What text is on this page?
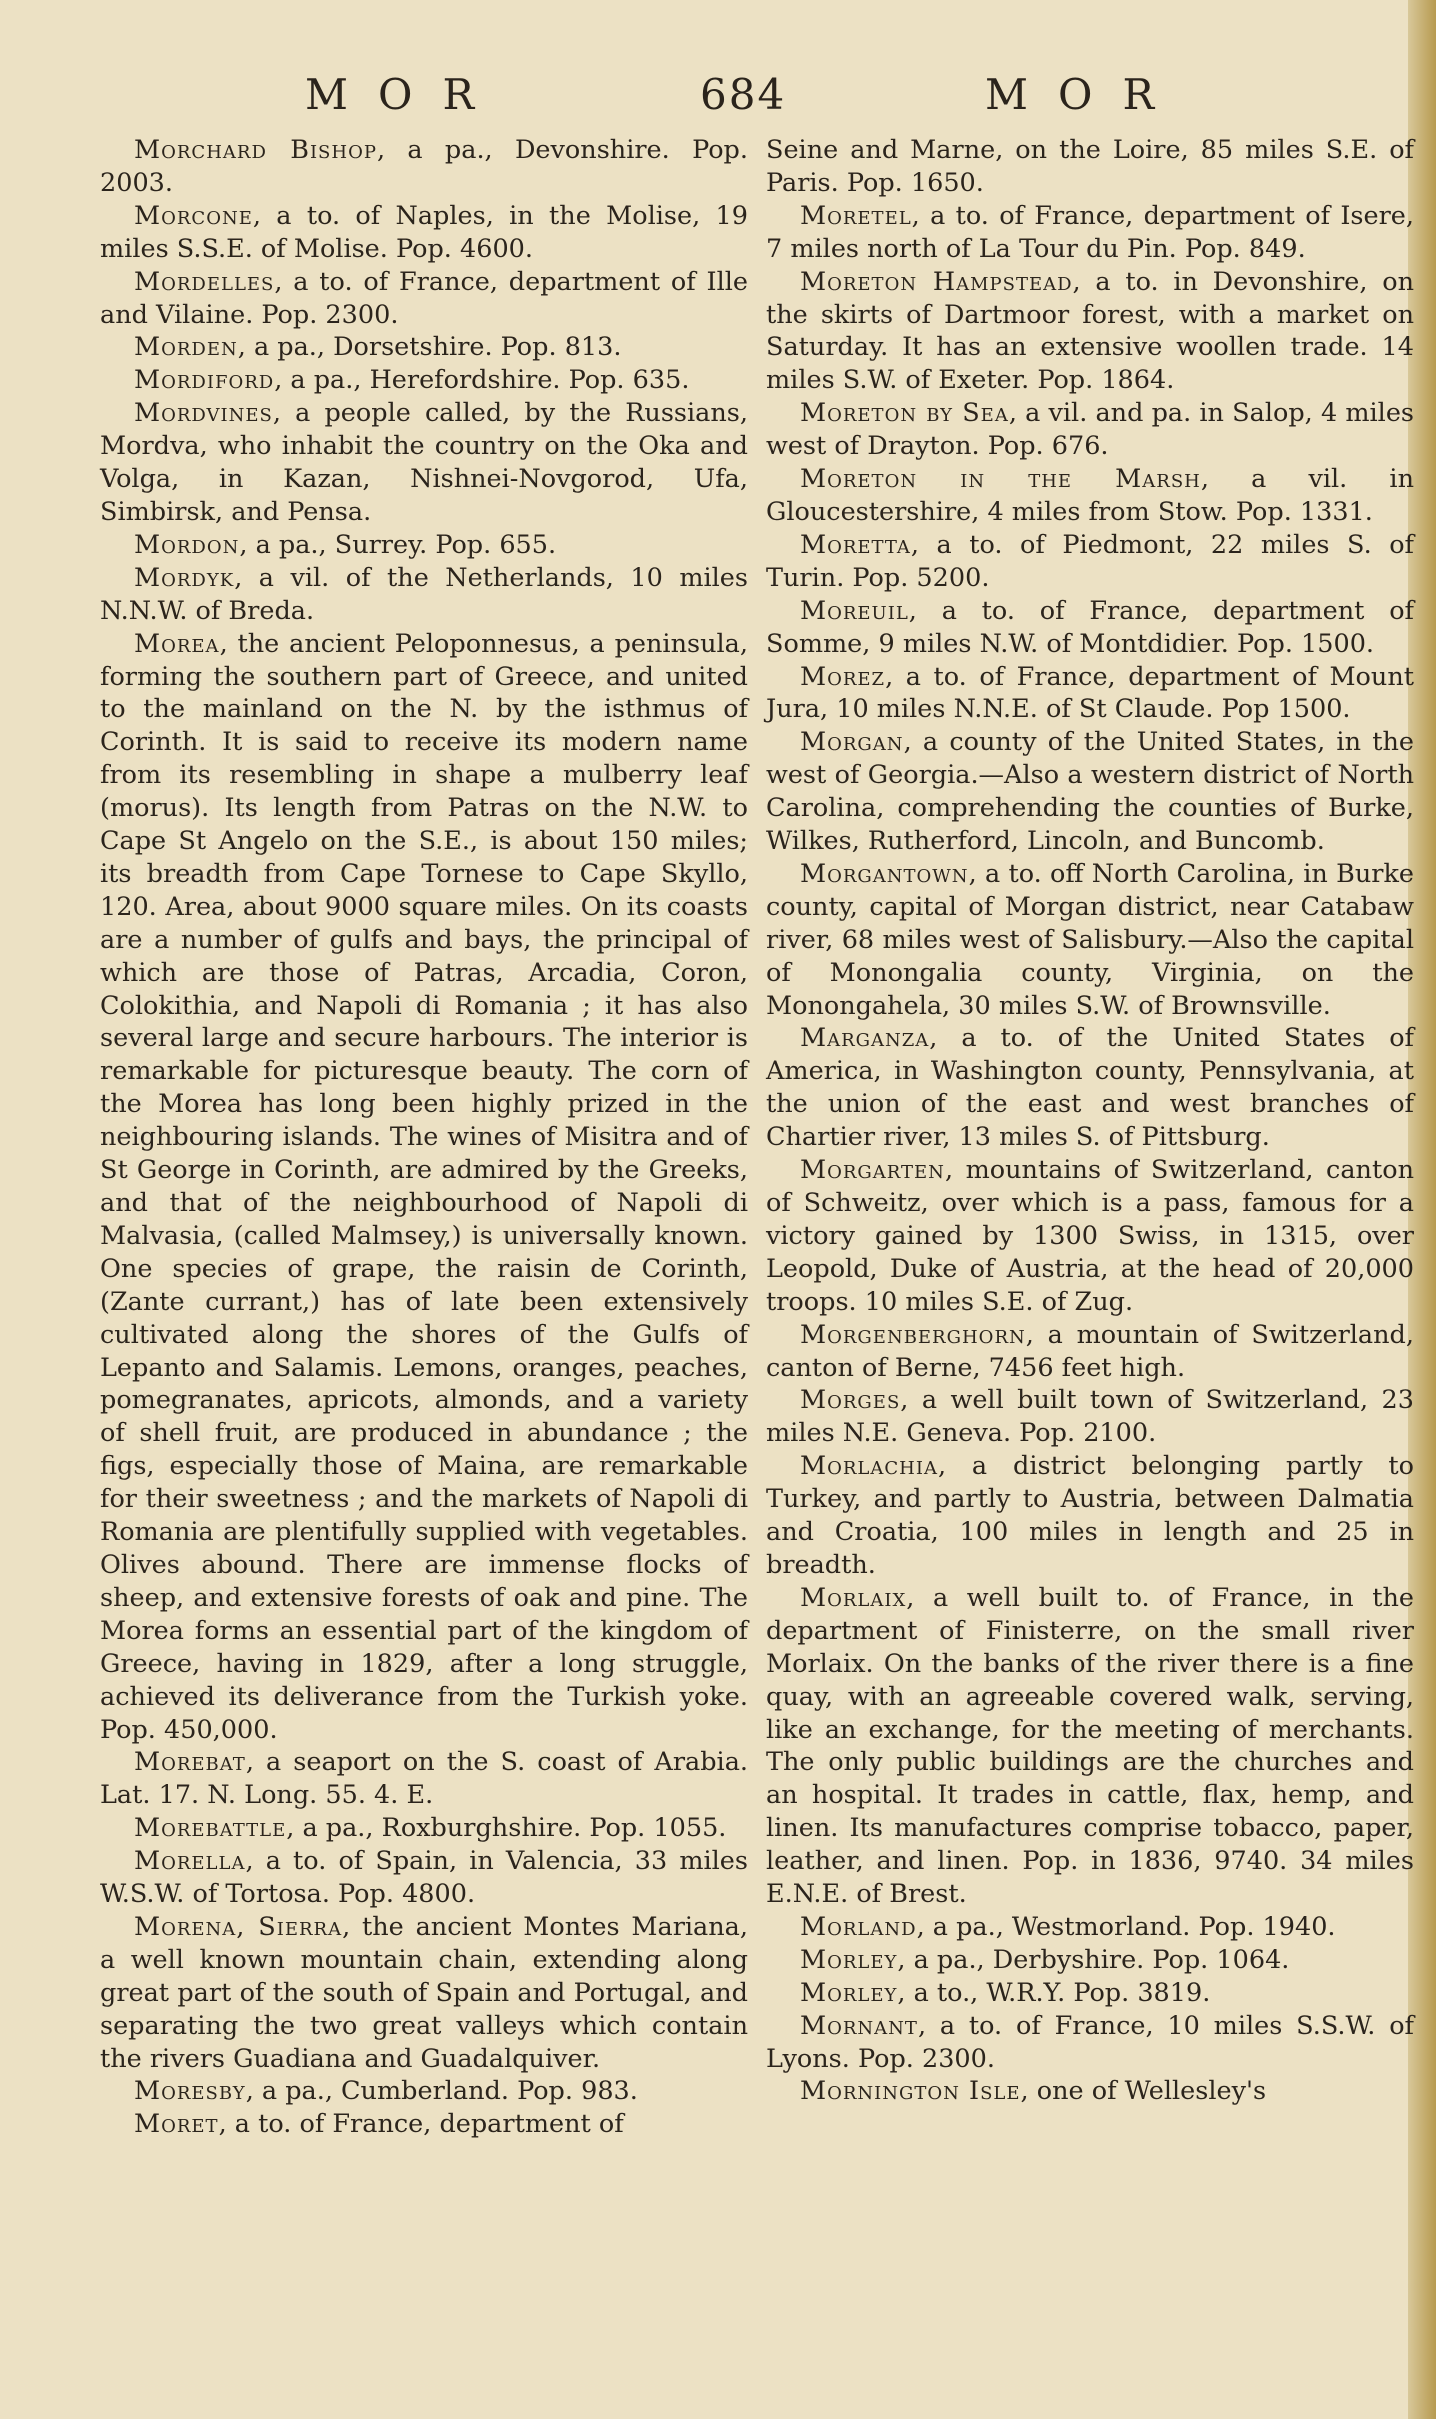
MOR	684	MOR

Morchard Bishop, a pa., Devonshire. Pop. 2003.

Morcone, a to. of Naples, in the Molise, 19 miles S.S.E. of Molise. Pop. 4600.

Mordelles, a to. of France, department of Ille and Vilaine. Pop. 2300.

Morden, a pa., Dorsetshire. Pop. 813.

Mordiford, a pa., Herefordshire. Pop. 635.

Mordvines, a people called, by the Russians, Mordva, who inhabit the country on the Oka and Volga, in Kazan, Nishnei-Novgorod, Ufa, Simbirsk, and Pensa.

Mordon, a pa., Surrey. Pop. 655.

Mordyk, a vil. of the Netherlands, 10 miles N.N.W. of Breda.

Morea, the ancient Peloponnesus, a peninsula, forming the southern part of Greece, and united to the mainland on the N. by the isthmus of Corinth. It is said to receive its modern name from its resembling in shape a mulberry leaf (morus). Its length from Patras on the N.W. to Cape St Angelo on the S.E., is about 150 miles; its breadth from Cape Tornese to Cape Skyllo, 120. Area, about 9000 square miles. On its coasts are a number of gulfs and bays, the principal of which are those of Patras, Arcadia, Coron, Colokithia, and Napoli di Romania ; it has also several large and secure harbours. The interior is remarkable for picturesque beauty. The corn of the Morea has long been highly prized in the neighbouring islands. The wines of Misitra and of St George in Corinth, are admired by the Greeks, and that of the neighbourhood of Napoli di Malvasia, (called Malmsey,) is universally known. One species of grape, the raisin de Corinth, (Zante currant,) has of late been extensively cultivated along the shores of the Gulfs of Lepanto and Salamis. Lemons, oranges, peaches, pomegranates, apricots, almonds, and a variety of shell fruit, are produced in abundance ; the figs, especially those of Maina, are remarkable for their sweetness ; and the markets of Napoli di Romania are plentifully supplied with vegetables. Olives abound. There are immense flocks of sheep, and extensive forests of oak and pine. The Morea forms an essential part of the kingdom of Greece, having in 1829, after a long struggle, achieved its deliverance from the Turkish yoke. Pop. 450,000.

Morebat, a seaport on the S. coast of Arabia. Lat. 17. N. Long. 55. 4. E.

Morebattle, a pa., Roxburghshire. Pop. 1055.

Morella, a to. of Spain, in Valencia, 33 miles W.S.W. of Tortosa. Pop. 4800.

Morena, Sierra, the ancient Montes Mariana, a well known mountain chain, extending along great part of the south of Spain and Portugal, and separating the two great valleys which contain the rivers Guadiana and Guadalquiver.

Moresby, a pa., Cumberland. Pop. 983.

Moret, a to. of France, department of

Seine and Marne, on the Loire, 85 miles S.E. of Paris. Pop. 1650.

Moretel, a to. of France, department of Isere, 7 miles north of La Tour du Pin. Pop. 849.

Moreton Hampstead, a to. in Devonshire, on the skirts of Dartmoor forest, with a market on Saturday. It has an extensive woollen trade. 14 miles S.W. of Exeter. Pop. 1864.

Moreton by Sea, a vil. and pa. in Salop, 4 miles west of Drayton. Pop. 676.

Moreton in the Marsh, a vil. in Gloucestershire, 4 miles from Stow. Pop. 1331.

Moretta, a to. of Piedmont, 22 miles S. of Turin. Pop. 5200.

Moreuil, a to. of France, department of Somme, 9 miles N.W. of Montdidier. Pop. 1500.

Morez, a to. of France, department of Mount Jura, 10 miles N.N.E. of St Claude. Pop 1500.

Morgan, a county of the United States, in the west of Georgia.—Also a western district of North Carolina, comprehending the counties of Burke, Wilkes, Rutherford, Lincoln, and Buncomb.

Morgantown, a to. off North Carolina, in Burke county, capital of Morgan district, near Catabaw river, 68 miles west of Salisbury.—Also the capital of Monongalia county, Virginia, on the Monongahela, 30 miles S.W. of Brownsville.

Marganza, a to. of the United States of America, in Washington county, Pennsylvania, at the union of the east and west branches of Chartier river, 13 miles S. of Pittsburg.

Morgarten, mountains of Switzerland, canton of Schweitz, over which is a pass, famous for a victory gained by 1300 Swiss, in 1315, over Leopold, Duke of Austria, at the head of 20,000 troops. 10 miles S.E. of Zug.

Morgenberghorn, a mountain of Switzerland, canton of Berne, 7456 feet high.

Morges, a well built town of Switzerland, 23 miles N.E. Geneva. Pop. 2100.

Morlachia, a district belonging partly to Turkey, and partly to Austria, between Dalmatia and Croatia, 100 miles in length and 25 in breadth.

Morlaix, a well built to. of France, in the department of Finisterre, on the small river Morlaix. On the banks of the river there is a fine quay, with an agreeable covered walk, serving, like an exchange, for the meeting of merchants. The only public buildings are the churches and an hospital. It trades in cattle, flax, hemp, and linen. Its manufactures comprise tobacco, paper, leather, and linen. Pop. in 1836, 9740. 34 miles E.N.E. of Brest.

Morland, a pa., Westmorland. Pop. 1940.

Morley, a pa., Derbyshire. Pop. 1064.

Morley, a to., W.R.Y. Pop. 3819.

Mornant, a to. of France, 10 miles S.S.W. of Lyons. Pop. 2300.

Mornington Isle, one of Wellesley's
